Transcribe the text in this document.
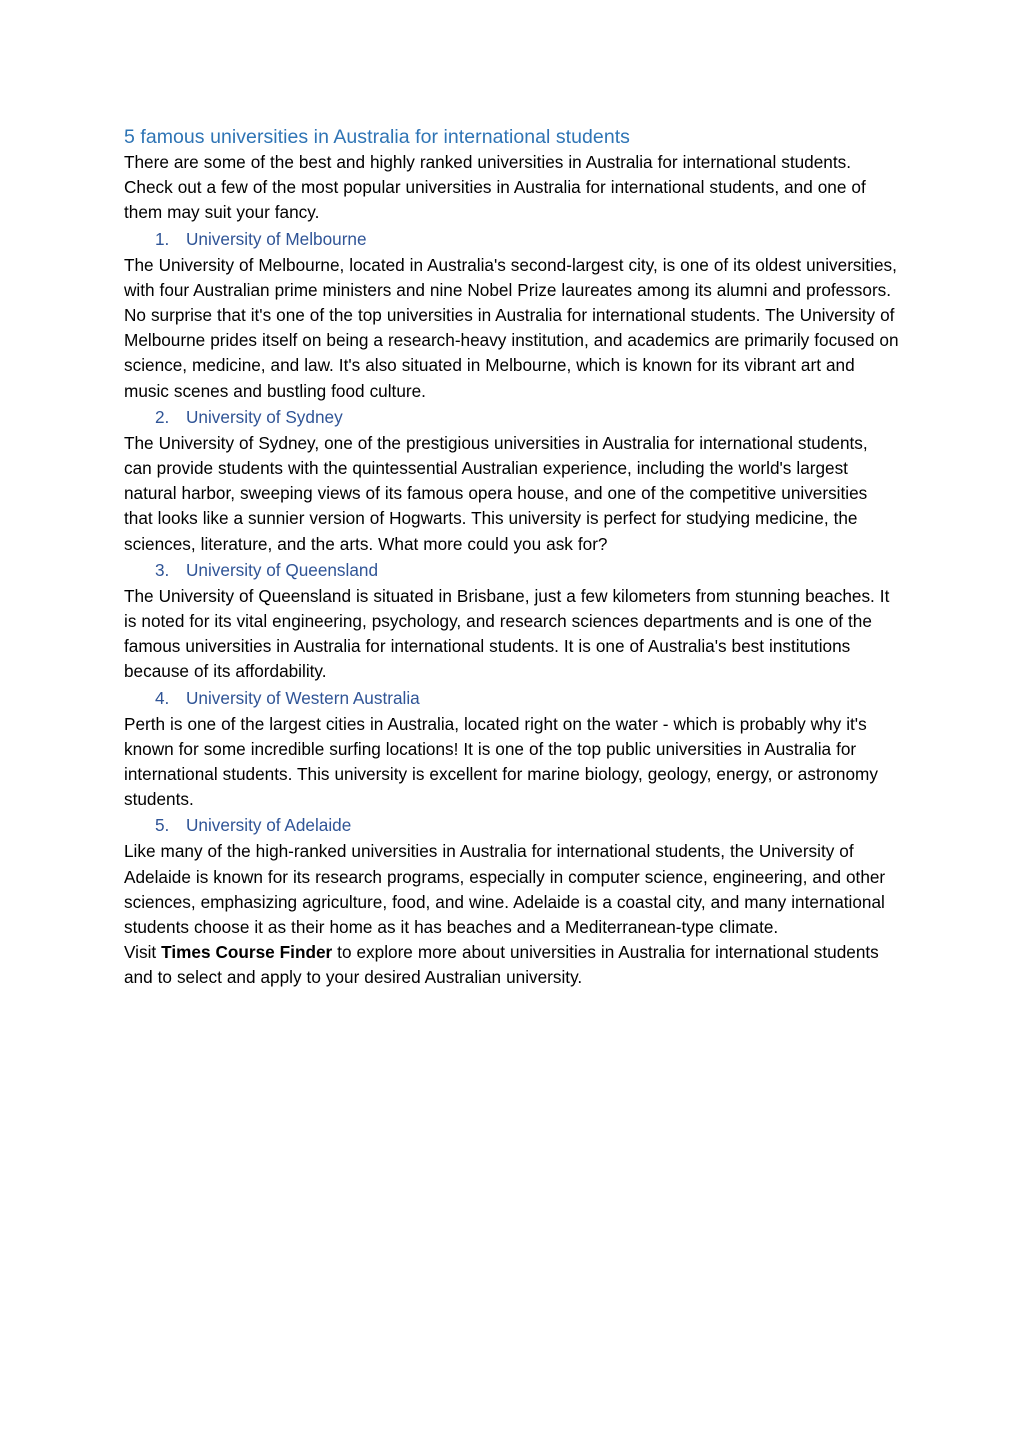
5 famous universities in Australia for international students

There are some of the best and highly ranked universities in Australia for international students. Check out a few of the most popular universities in Australia for international students, and one of them may suit your fancy.

1. University of Melbourne

The University of Melbourne, located in Australia's second-largest city, is one of its oldest universities, with four Australian prime ministers and nine Nobel Prize laureates among its alumni and professors. No surprise that it's one of the top universities in Australia for international students. The University of Melbourne prides itself on being a research-heavy institution, and academics are primarily focused on science, medicine, and law. It's also situated in Melbourne, which is known for its vibrant art and music scenes and bustling food culture.

2. University of Sydney

The University of Sydney, one of the prestigious universities in Australia for international students, can provide students with the quintessential Australian experience, including the world's largest natural harbor, sweeping views of its famous opera house, and one of the competitive universities that looks like a sunnier version of Hogwarts. This university is perfect for studying medicine, the sciences, literature, and the arts. What more could you ask for?

3. University of Queensland

The University of Queensland is situated in Brisbane, just a few kilometers from stunning beaches. It is noted for its vital engineering, psychology, and research sciences departments and is one of the famous universities in Australia for international students. It is one of Australia's best institutions because of its affordability.

4. University of Western Australia

Perth is one of the largest cities in Australia, located right on the water - which is probably why it's known for some incredible surfing locations! It is one of the top public universities in Australia for international students. This university is excellent for marine biology, geology, energy, or astronomy students.

5. University of Adelaide

Like many of the high-ranked universities in Australia for international students, the University of Adelaide is known for its research programs, especially in computer science, engineering, and other sciences, emphasizing agriculture, food, and wine. Adelaide is a coastal city, and many international students choose it as their home as it has beaches and a Mediterranean-type climate.

Visit Times Course Finder to explore more about universities in Australia for international students and to select and apply to your desired Australian university.
